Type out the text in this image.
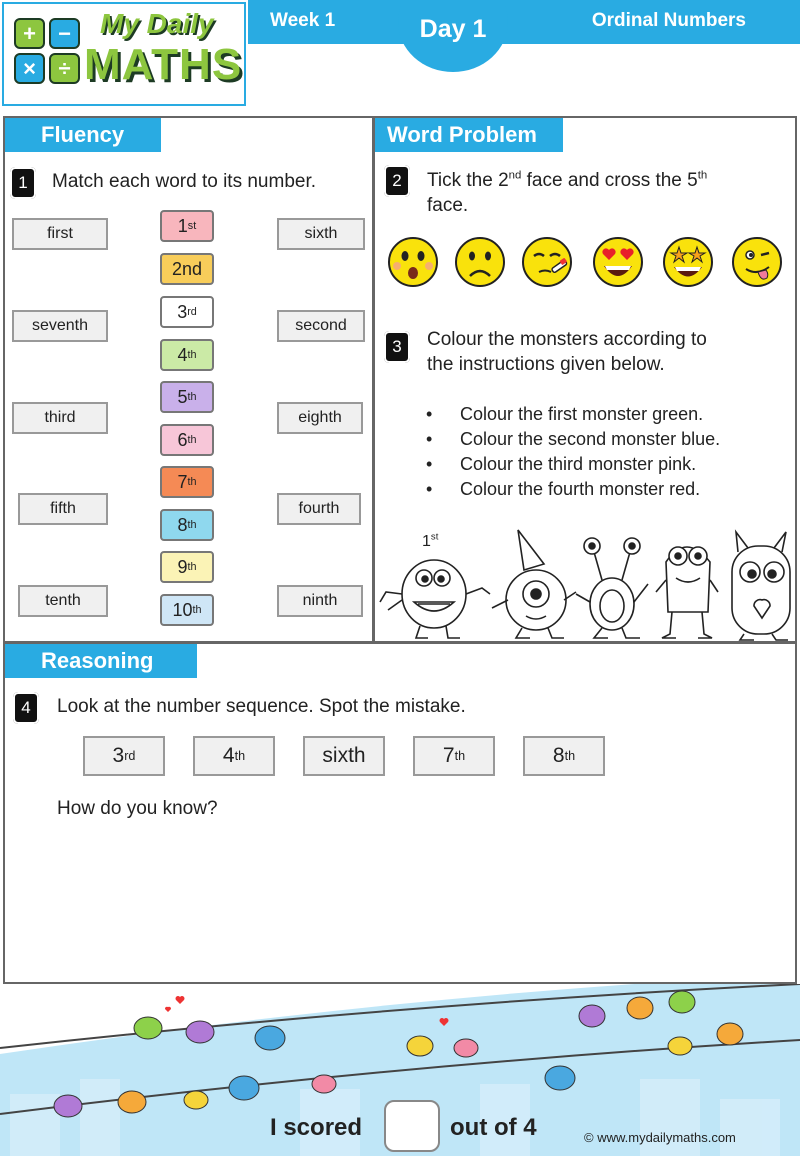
+	−
×	÷
My Daily
MATHS
Week 1	Ordinal Numbers
Day 1
Fluency
1	Match each word to its number.
first
seventh
third
fifth
tenth
sixth
second
eighth
fourth
ninth
1 st
2nd
3 rd
4 th
5 th
6 th
7 th
8 th
9 th
10 th
Word Problem
2	Tick the 2nd face and cross the 5th
face.
3	Colour the monsters according to
the instructions given below.
• Colour the first monster green.
• Colour the second monster blue.
• Colour the third monster pink.
• Colour the fourth monster red.
1st
Reasoning
4	Look at the number sequence. Spot the mistake.
3 rd	4 th	sixth	7 th	8 th
How do you know?
I scored	out of 4	© www.mydailymaths.com
